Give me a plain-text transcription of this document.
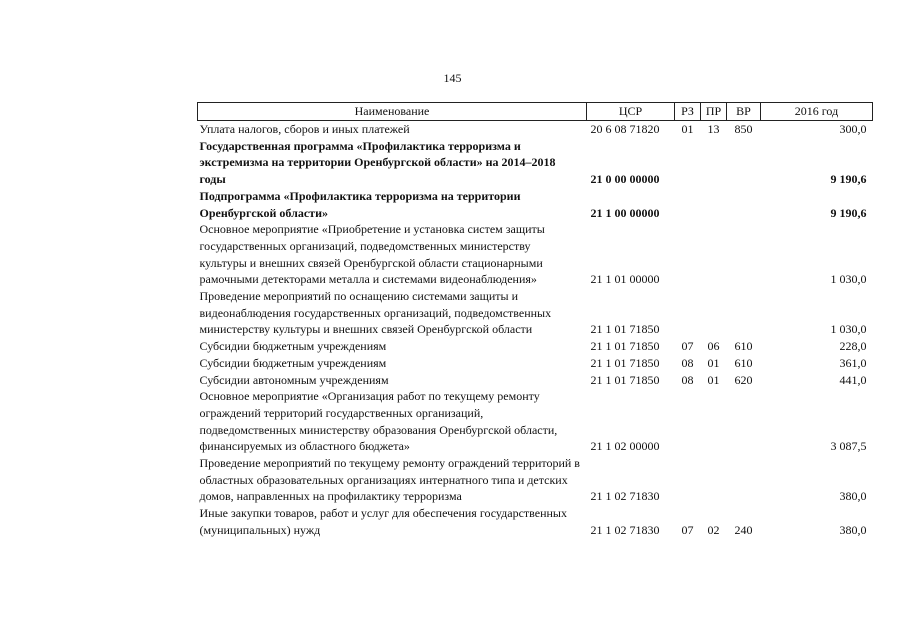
145
Наименование	ЦСР	РЗ	ПР	ВР	2016 год
Уплата налогов, сборов и иных платежей	20 6 08 71820	01	13	850	300,0
Государственная программа «Профилактика терроризма и экстремизма на территории Оренбургской области» на 2014–2018 годы	21 0 00 00000				9 190,6
Подпрограмма «Профилактика терроризма на территории Оренбургской области»	21 1 00 00000				9 190,6
Основное мероприятие «Приобретение и установка систем защиты государственных организаций, подведомственных министерству культуры и внешних связей Оренбургской области стационарными рамочными детекторами металла и системами видеонаблюдения»	21 1 01 00000				1 030,0
Проведение мероприятий по оснащению системами защиты и видеонаблюдения государственных организаций, подведомственных министерству культуры и внешних связей Оренбургской области	21 1 01 71850				1 030,0
Субсидии бюджетным учреждениям	21 1 01 71850	07	06	610	228,0
Субсидии бюджетным учреждениям	21 1 01 71850	08	01	610	361,0
Субсидии автономным учреждениям	21 1 01 71850	08	01	620	441,0
Основное мероприятие «Организация работ по текущему ремонту ограждений территорий государственных организаций, подведомственных министерству образования Оренбургской области, финансируемых из областного бюджета»	21 1 02 00000				3 087,5
Проведение мероприятий по текущему ремонту ограждений территорий в областных образовательных организациях интернатного типа и детских домов, направленных на профилактику терроризма	21 1 02 71830				380,0
Иные закупки товаров, работ и услуг для обеспечения государственных (муниципальных) нужд	21 1 02 71830	07	02	240	380,0
